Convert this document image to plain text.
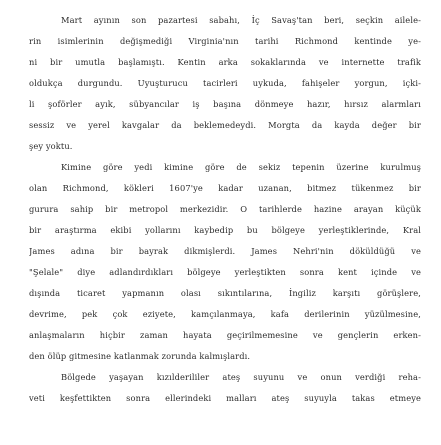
Mart ayının son pazartesi sabahı, İç Savaş'tan beri, seçkin ailele-
rin isimlerinin değişmediği Virginia'nın tarihi Richmond kentinde ye-
ni bir umutla başlamıştı. Kentin arka sokaklarında ve internette trafik
oldukça durgundu. Uyuşturucu tacirleri uykuda, fahişeler yorgun, içki-
li şoförler ayık, sübyancılar iş başına dönmeye hazır, hırsız alarmları
sessiz ve yerel kavgalar da beklemedeydi. Morgta da kayda değer bir
şey yoktu.
Kimine göre yedi kimine göre de sekiz tepenin üzerine kurulmuş
olan Richmond, kökleri 1607'ye kadar uzanan, bitmez tükenmez bir
gurura sahip bir metropol merkezidir. O tarihlerde hazine arayan küçük
bir araştırma ekibi yollarını kaybedip bu bölgeye yerleştiklerinde, Kral
James adına bir bayrak dikmişlerdi. James Nehri'nin döküldüğü ve
"Şelale" diye adlandırdıkları bölgeye yerleştikten sonra kent içinde ve
dışında ticaret yapmanın olası sıkıntılarına, İngiliz karşıtı görüşlere,
devrime, pek çok eziyete, kamçılanmaya, kafa derilerinin yüzülmesine,
anlaşmaların hiçbir zaman hayata geçirilmemesine ve gençlerin erken-
den ölüp gitmesine katlanmak zorunda kalmışlardı.
Bölgede yaşayan kızılderililer ateş suyunu ve onun verdiği reha-
veti keşfettikten sonra ellerindeki malları ateş suyuyla takas etmeye
